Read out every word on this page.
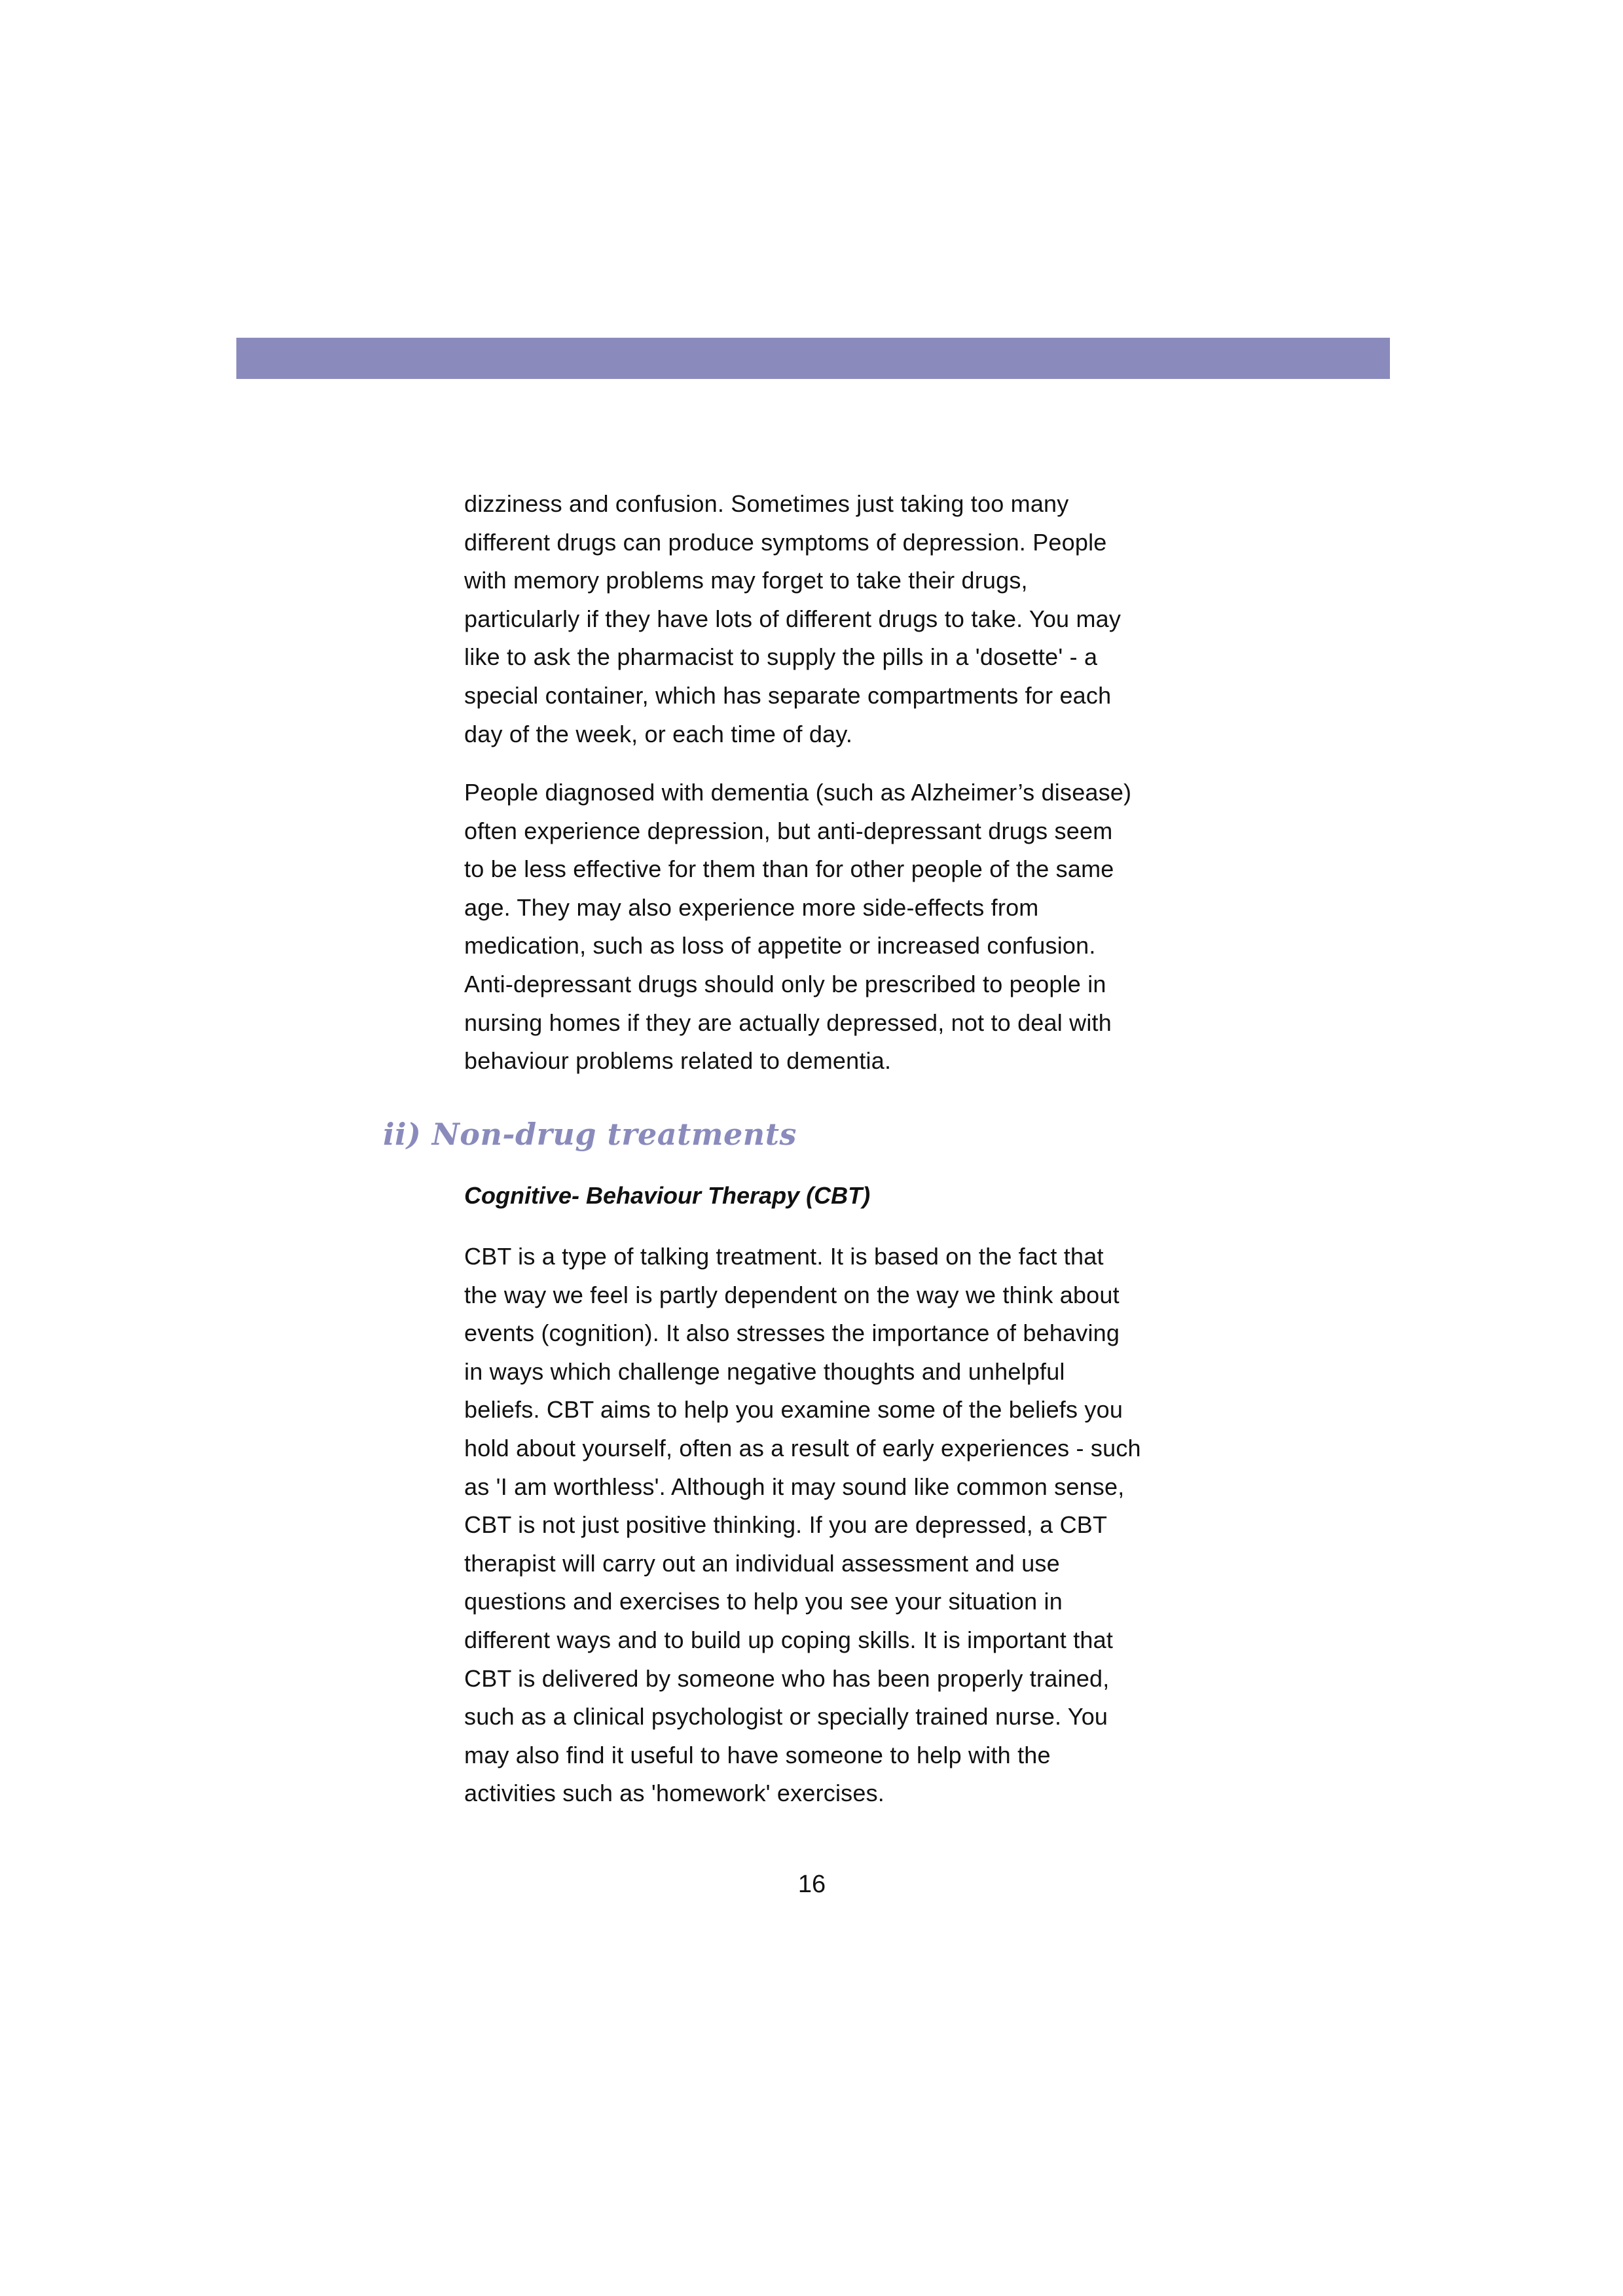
dizziness and confusion. Sometimes just taking too many
different drugs can produce symptoms of depression. People
with memory problems may forget to take their drugs,
particularly if they have lots of different drugs to take. You may
like to ask the pharmacist to supply the pills in a 'dosette' - a
special container, which has separate compartments for each
day of the week, or each time of day.

People diagnosed with dementia (such as Alzheimer’s disease)
often experience depression, but anti-depressant drugs seem
to be less effective for them than for other people of the same
age. They may also experience more side-effects from
medication, such as loss of appetite or increased confusion.
Anti-depressant drugs should only be prescribed to people in
nursing homes if they are actually depressed, not to deal with
behaviour problems related to dementia.

ii) Non-drug treatments
Cognitive- Behaviour Therapy (CBT)

CBT is a type of talking treatment. It is based on the fact that
the way we feel is partly dependent on the way we think about
events (cognition). It also stresses the importance of behaving
in ways which challenge negative thoughts and unhelpful
beliefs. CBT aims to help you examine some of the beliefs you
hold about yourself, often as a result of early experiences - such
as 'I am worthless'. Although it may sound like common sense,
CBT is not just positive thinking. If you are depressed, a CBT
therapist will carry out an individual assessment and use
questions and exercises to help you see your situation in
different ways and to build up coping skills. It is important that
CBT is delivered by someone who has been properly trained,
such as a clinical psychologist or specially trained nurse. You
may also find it useful to have someone to help with the
activities such as 'homework' exercises.

16
